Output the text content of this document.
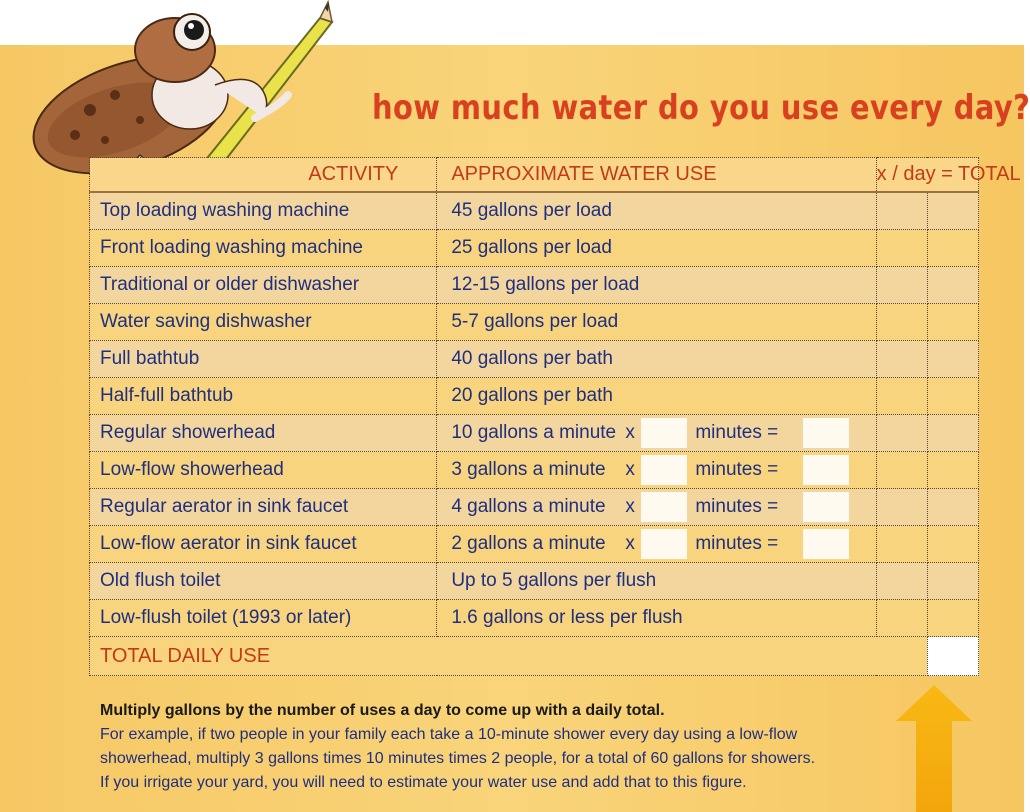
how much water do you use every day?
ACTIVITY	APPROXIMATE WATER USE	x / day = TOTAL	
Top loading washing machine	45 gallons per load		
Front loading washing machine	25 gallons per load		
Traditional or older dishwasher	12-15 gallons per load		
Water saving dishwasher	5-7 gallons per load		
Full bathtub	40 gallons per bath		
Half-full bathtub	20 gallons per bath		
Regular showerhead	10 gallons a minute x minutes =		

Low-flow showerhead	3 gallons a minute x minutes =		

Regular aerator in sink faucet	4 gallons a minute x minutes =		

Low-flow aerator in sink faucet	2 gallons a minute x minutes =		

Old flush toilet	Up to 5 gallons per flush		
Low-flush toilet (1993 or later)	1.6 gallons or less per flush		
TOTAL DAILY USE			
Multiply gallons by the number of uses a day to come up with a daily total.
For example, if two people in your family each take a 10-minute shower every day using a low-flow
showerhead, multiply 3 gallons times 10 minutes times 2 people, for a total of 60 gallons for showers.
If you irrigate your yard, you will need to estimate your water use and add that to this figure.
